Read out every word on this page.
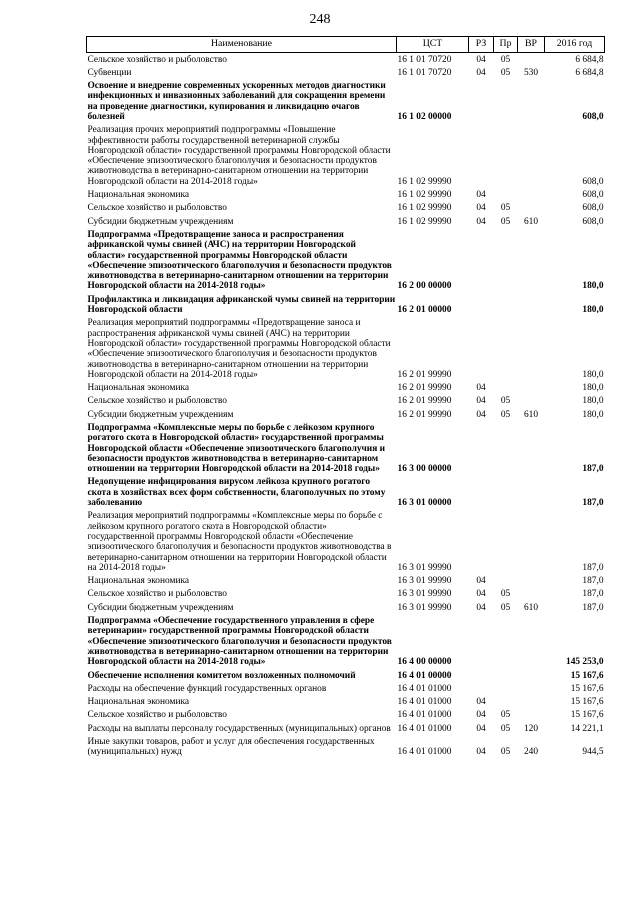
248
Наименование	ЦСТ	РЗ	Пр	ВР	2016 год
Сельское хозяйство и рыболовство	16 1 01 70720	04	05		6 684,8
Субвенции	16 1 01 70720	04	05	530	6 684,8
Освоение и внедрение современных ускоренных методов диагностики инфекционных и инвазионных заболеваний для сокращения времени на проведение диагностики, купирования и ликвидацию очагов болезней	16 1 02 00000				608,0
Реализация прочих мероприятий подпрограммы «Повышение эффективности работы государственной ветеринарной службы Новгородской области» государственной программы Новгородской области «Обеспечение эпизоотического благополучия и безопасности продуктов животноводства в ветеринарно-санитарном отношении на территории Новгородской области на 2014-2018 годы»	16 1 02 99990				608,0
Национальная экономика	16 1 02 99990	04			608,0
Сельское хозяйство и рыболовство	16 1 02 99990	04	05		608,0
Субсидии бюджетным учреждениям	16 1 02 99990	04	05	610	608,0
Подпрограмма «Предотвращение заноса и распространения африканской чумы свиней (АЧС) на территории Новгородской области» государственной программы Новгородской области «Обеспечение эпизоотического благополучия и безопасности продуктов животноводства в ветеринарно-санитарном отношении на территории Новгородской области на 2014-2018 годы»	16 2 00 00000				180,0
Профилактика и ликвидация африканской чумы свиней на территории Новгородской области	16 2 01 00000				180,0
Реализация мероприятий подпрограммы «Предотвращение заноса и распространения африканской чумы свиней (АЧС) на территории Новгородской области» государственной программы Новгородской области «Обеспечение эпизоотического благополучия и безопасности продуктов животноводства в ветеринарно-санитарном отношении на территории Новгородской области на 2014-2018 годы»	16 2 01 99990				180,0
Национальная экономика	16 2 01 99990	04			180,0
Сельское хозяйство и рыболовство	16 2 01 99990	04	05		180,0
Субсидии бюджетным учреждениям	16 2 01 99990	04	05	610	180,0
Подпрограмма «Комплексные меры по борьбе с лейкозом крупного рогатого скота в Новгородской области» государственной программы Новгородской области «Обеспечение эпизоотического благополучия и безопасности продуктов животноводства в ветеринарно-санитарном отношении на территории Новгородской области на 2014-2018 годы»	16 3 00 00000				187,0
Недопущение инфицирования вирусом лейкоза крупного рогатого скота в хозяйствах всех форм собственности, благополучных по этому заболеванию	16 3 01 00000				187,0
Реализация мероприятий подпрограммы «Комплексные меры по борьбе с лейкозом крупного рогатого скота в Новгородской области» государственной программы Новгородской области «Обеспечение эпизоотического благополучия и безопасности продуктов животноводства в ветеринарно-санитарном отношении на территории Новгородской области на 2014-2018 годы»	16 3 01 99990				187,0
Национальная экономика	16 3 01 99990	04			187,0
Сельское хозяйство и рыболовство	16 3 01 99990	04	05		187,0
Субсидии бюджетным учреждениям	16 3 01 99990	04	05	610	187,0
Подпрограмма «Обеспечение государственного управления в сфере ветеринарии» государственной программы Новгородской области «Обеспечение эпизоотического благополучия и безопасности продуктов животноводства в ветеринарно-санитарном отношении на территории Новгородской области на 2014-2018 годы»	16 4 00 00000				145 253,0
Обеспечение исполнения комитетом возложенных полномочий	16 4 01 00000				15 167,6
Расходы на обеспечение функций государственных органов	16 4 01 01000				15 167,6
Национальная экономика	16 4 01 01000	04			15 167,6
Сельское хозяйство и рыболовство	16 4 01 01000	04	05		15 167,6
Расходы на выплаты персоналу государственных (муниципальных) органов	16 4 01 01000	04	05	120	14 221,1
Иные закупки товаров, работ и услуг для обеспечения государственных (муниципальных) нужд	16 4 01 01000	04	05	240	944,5
